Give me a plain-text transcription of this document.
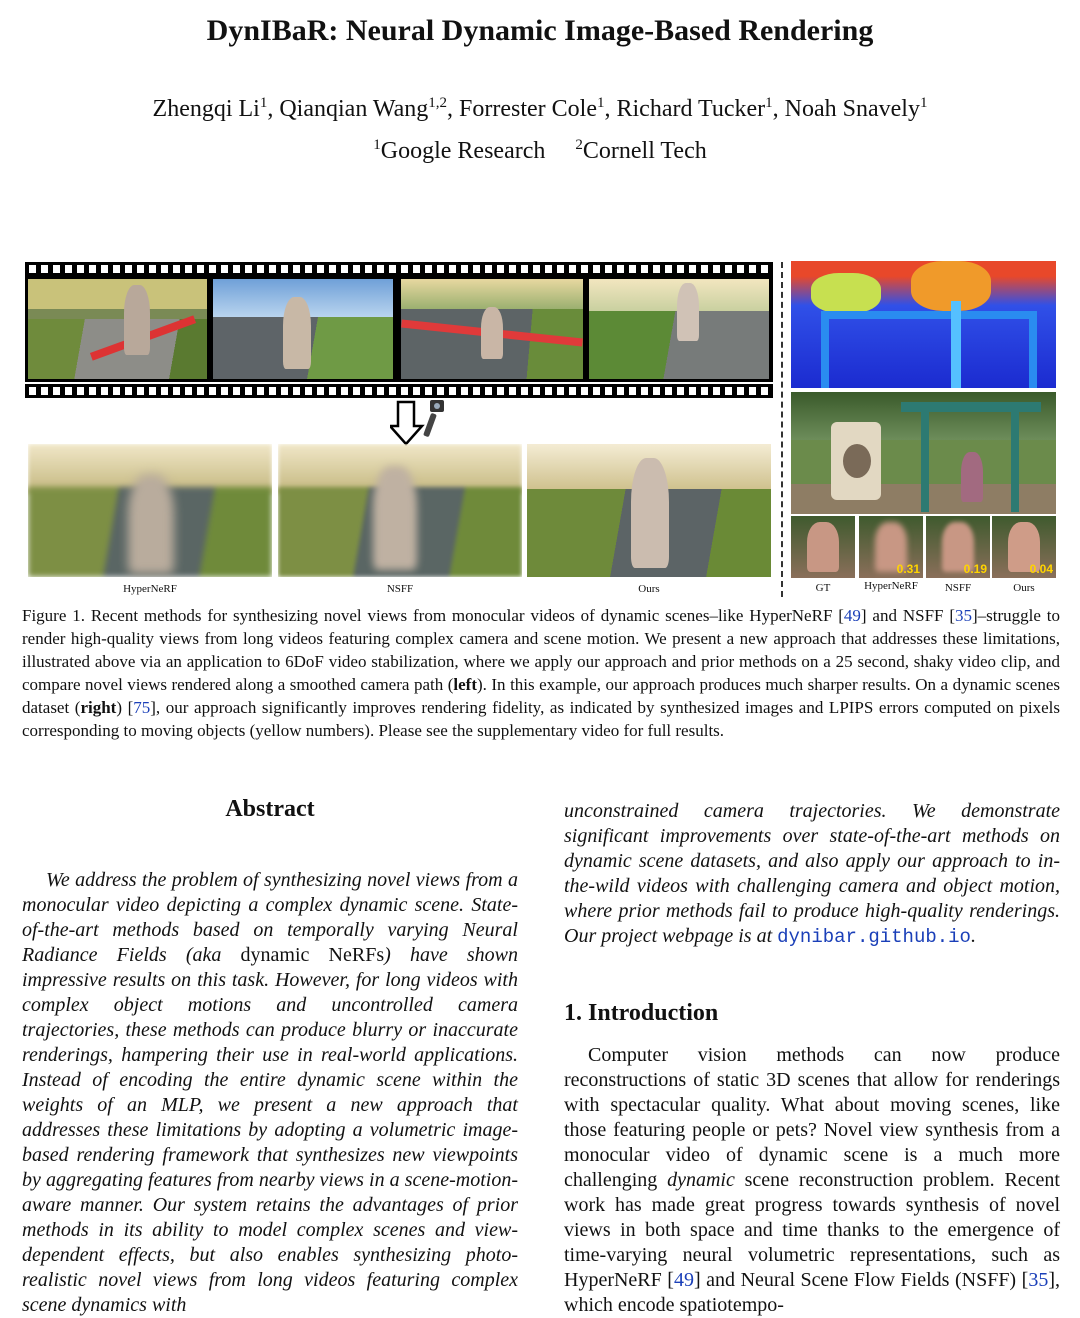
DynIBaR: Neural Dynamic Image-Based Rendering
Zhengqi Li$^1$, Qianqian Wang$^{1,2}$, Forrester Cole$^1$, Richard Tucker$^1$, Noah Snavely$^1$
$^1$Google Research $^2$Cornell Tech
HyperNeRF	NSFF	Ours
0.31	0.19	0.04
GT	HyperNeRF	NSFF	Ours
Figure 1. Recent methods for synthesizing novel views from monocular videos of dynamic scenes–like HyperNeRF [49] and NSFF [35]–struggle to render high-quality views from long videos featuring complex camera and scene motion. We present a new approach that addresses these limitations, illustrated above via an application to 6DoF video stabilization, where we apply our approach and prior methods on a 25 second, shaky video clip, and compare novel views rendered along a smoothed camera path (left). In this example, our approach produces much sharper results. On a dynamic scenes dataset (right) [75], our approach significantly improves rendering fidelity, as indicated by synthesized images and LPIPS errors computed on pixels corresponding to moving objects (yellow numbers). Please see the supplementary video for full results.
Abstract
We address the problem of synthesizing novel views from a monocular video depicting a complex dynamic scene. State-of-the-art methods based on temporally varying Neural Radiance Fields (aka dynamic NeRFs) have shown impressive results on this task. However, for long videos with complex object motions and uncontrolled camera trajectories, these methods can produce blurry or inaccurate renderings, hampering their use in real-world applications. Instead of encoding the entire dynamic scene within the weights of an MLP, we present a new approach that addresses these limitations by adopting a volumetric image-based rendering framework that synthesizes new viewpoints by aggregating features from nearby views in a scene-motion-aware manner. Our system retains the advantages of prior methods in its ability to model complex scenes and view-dependent effects, but also enables synthesizing photo-realistic novel views from long videos featuring complex scene dynamics with
unconstrained camera trajectories. We demonstrate significant improvements over state-of-the-art methods on dynamic scene datasets, and also apply our approach to in-the-wild videos with challenging camera and object motion, where prior methods fail to produce high-quality renderings. Our project webpage is at dynibar.github.io.
1. Introduction
Computer vision methods can now produce reconstructions of static 3D scenes that allow for renderings with spectacular quality. What about moving scenes, like those featuring people or pets? Novel view synthesis from a monocular video of dynamic scene is a much more challenging dynamic scene reconstruction problem. Recent work has made great progress towards synthesis of novel views in both space and time thanks to the emergence of time-varying neural volumetric representations, such as HyperNeRF [49] and Neural Scene Flow Fields (NSFF) [35], which encode spatiotempo-
